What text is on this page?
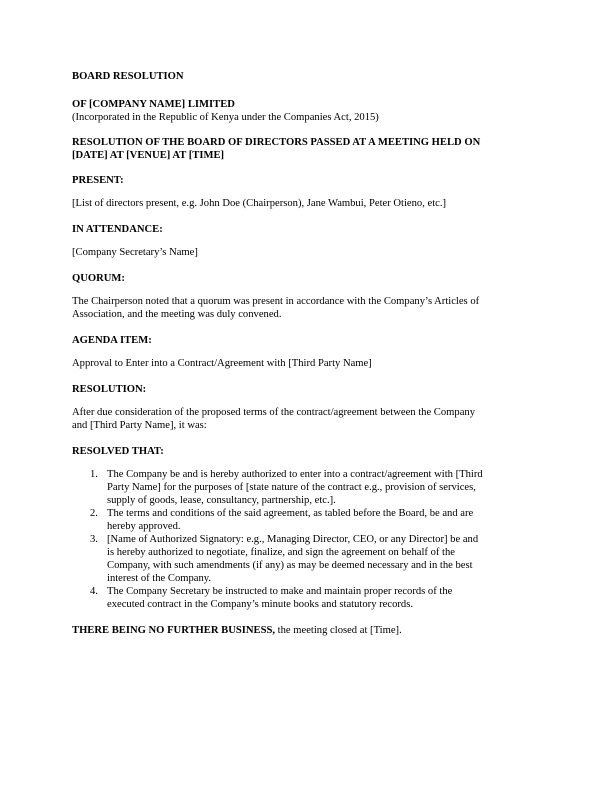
BOARD RESOLUTION
OF [COMPANY NAME] LIMITED
(Incorporated in the Republic of Kenya under the Companies Act, 2015)
RESOLUTION OF THE BOARD OF DIRECTORS PASSED AT A MEETING HELD ON
[DATE] AT [VENUE] AT [TIME]
PRESENT:
[List of directors present, e.g. John Doe (Chairperson), Jane Wambui, Peter Otieno, etc.]
IN ATTENDANCE:
[Company Secretary’s Name]
QUORUM:
The Chairperson noted that a quorum was present in accordance with the Company’s Articles of
Association, and the meeting was duly convened.
AGENDA ITEM:
Approval to Enter into a Contract/Agreement with [Third Party Name]
RESOLUTION:
After due consideration of the proposed terms of the contract/agreement between the Company
and [Third Party Name], it was:
RESOLVED THAT:
1. The Company be and is hereby authorized to enter into a contract/agreement with [Third
Party Name] for the purposes of [state nature of the contract e.g., provision of services,
supply of goods, lease, consultancy, partnership, etc.].
2. The terms and conditions of the said agreement, as tabled before the Board, be and are
hereby approved.
3. [Name of Authorized Signatory: e.g., Managing Director, CEO, or any Director] be and
is hereby authorized to negotiate, finalize, and sign the agreement on behalf of the
Company, with such amendments (if any) as may be deemed necessary and in the best
interest of the Company.
4. The Company Secretary be instructed to make and maintain proper records of the
executed contract in the Company’s minute books and statutory records.
THERE BEING NO FURTHER BUSINESS, the meeting closed at [Time].
